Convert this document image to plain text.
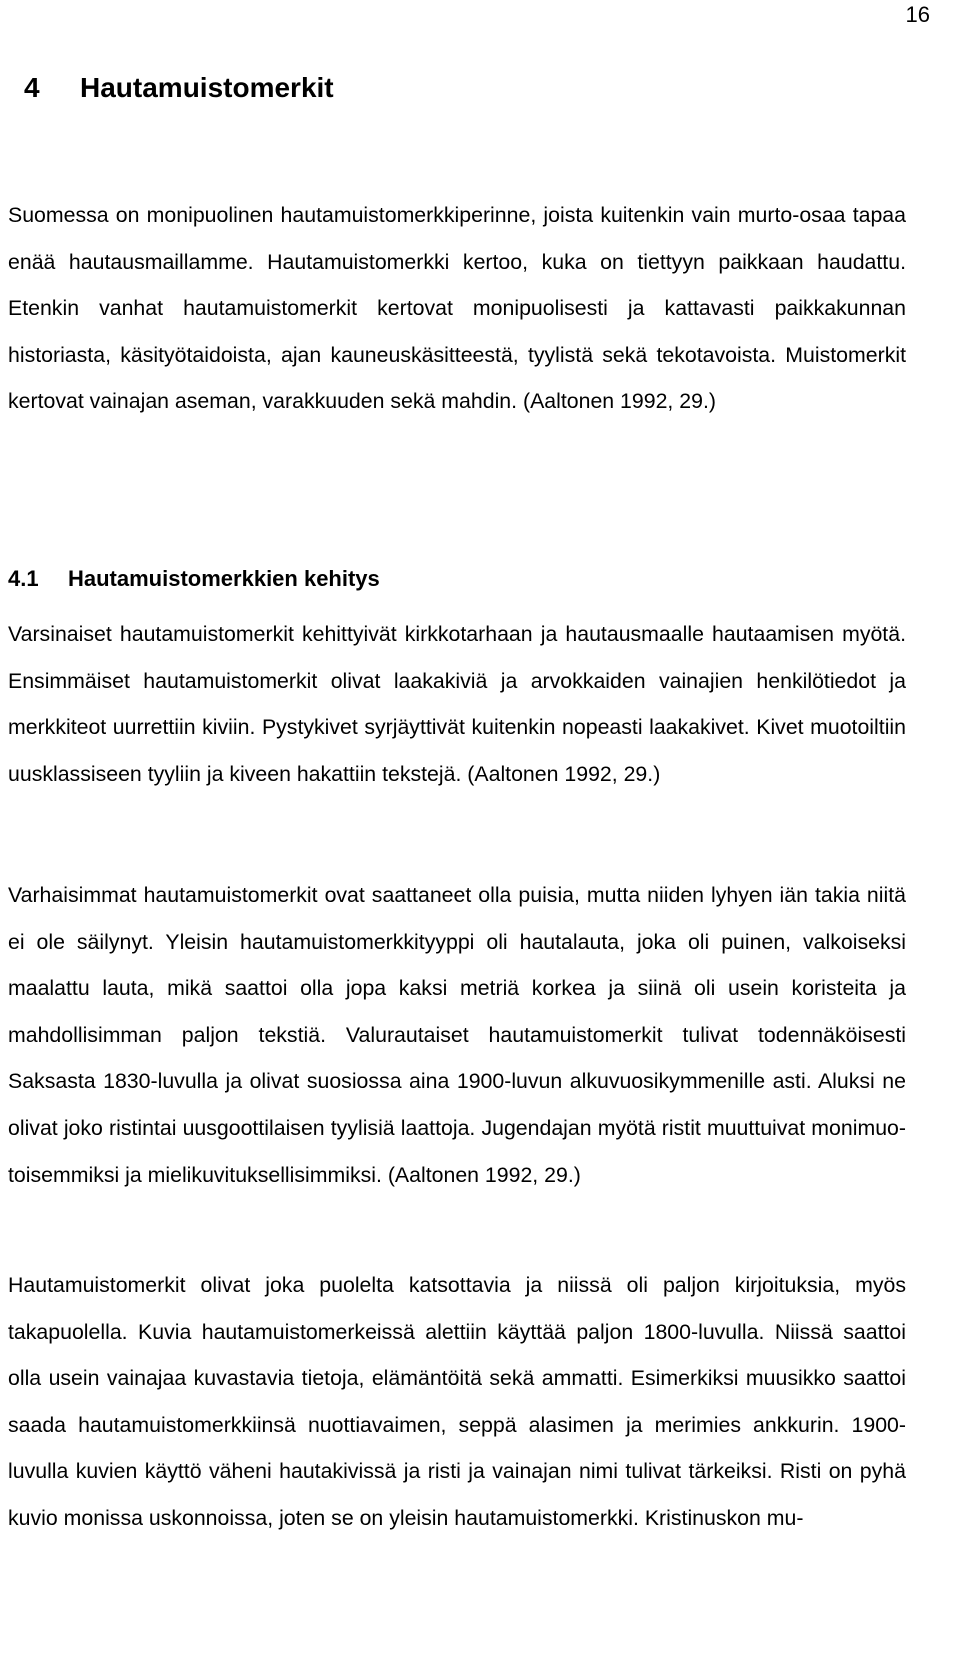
16
4 Hautamuistomerkit

Suomessa on monipuolinen hautamuistomerkkiperinne, joista kuitenkin vain murto-osaa tapaa enää hautausmaillamme. Hautamuistomerkki kertoo, kuka on tiettyyn paikkaan haudattu. Etenkin vanhat hautamuistomerkit kertovat monipuolisesti ja kattavasti paikkakunnan historiasta, käsityötaidoista, ajan kauneuskäsitteestä, tyylistä sekä tekotavoista. Muistomerkit kertovat vainajan aseman, varakkuuden sekä mahdin. (Aaltonen 1992, 29.)

4.1 Hautamuistomerkkien kehitys

Varsinaiset hautamuistomerkit kehittyivät kirkkotarhaan ja hautausmaalle hautaamisen myötä. Ensimmäiset hautamuistomerkit olivat laakakiviä ja arvokkaiden vainajien henkilötiedot ja merkkiteot uurrettiin kiviin. Pystykivet syrjäyttivät kuitenkin nopeasti laakakivet. Kivet muotoiltiin uusklassiseen tyyliin ja kiveen hakattiin tekstejä. (Aaltonen 1992, 29.)

Varhaisimmat hautamuistomerkit ovat saattaneet olla puisia, mutta niiden lyhyen iän takia niitä ei ole säilynyt. Yleisin hautamuistomerkkityyppi oli hautalauta, joka oli puinen, valkoiseksi maalattu lauta, mikä saattoi olla jopa kaksi metriä korkea ja siinä oli usein koristeita ja mahdollisimman paljon tekstiä. Valurautaiset hautamuistomerkit tulivat todennäköisesti Saksasta 1830-luvulla ja olivat suosiossa aina 1900-luvun alkuvuosikymmenille asti. Aluksi ne olivat joko ristintai uusgoottilaisen tyylisiä laattoja. Jugendajan myötä ristit muuttuivat monimuotoisemmiksi ja mielikuvituksellisimmiksi. (Aaltonen 1992, 29.)

Hautamuistomerkit olivat joka puolelta katsottavia ja niissä oli paljon kirjoituksia, myös takapuolella. Kuvia hautamuistomerkeissä alettiin käyttää paljon 1800-luvulla. Niissä saattoi olla usein vainajaa kuvastavia tietoja, elämäntöitä sekä ammatti. Esimerkiksi muusikko saattoi saada hautamuistomerkkiinsä nuottiavaimen, seppä alasimen ja merimies ankkurin. 1900-luvulla kuvien käyttö väheni hautakivissä ja risti ja vainajan nimi tulivat tärkeiksi. Risti on pyhä kuvio monissa uskonnoissa, joten se on yleisin hautamuistomerkki. Kristinuskon mu-
